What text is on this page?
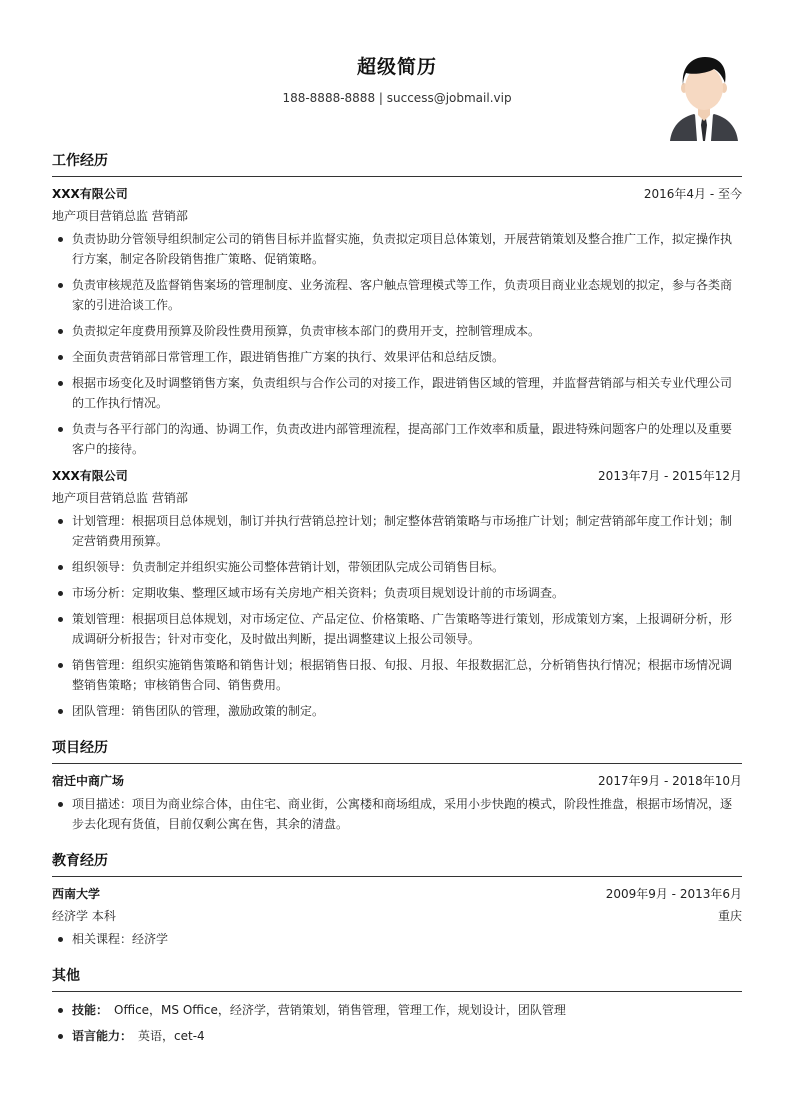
超级简历
188-8888-8888 | success@jobmail.vip
工作经历
XXX有限公司	2016年4月 - 至今
地产项目营销总监 营销部
负责协助分管领导组织制定公司的销售目标并监督实施，负责拟定项目总体策划，开展营销策划及整合推广工作，拟定操作执行方案，制定各阶段销售推广策略、促销策略。
负责审核规范及监督销售案场的管理制度、业务流程、客户触点管理模式等工作，负责项目商业业态规划的拟定，参与各类商家的引进洽谈工作。
负责拟定年度费用预算及阶段性费用预算，负责审核本部门的费用开支，控制管理成本。
全面负责营销部日常管理工作，跟进销售推广方案的执行、效果评估和总结反馈。
根据市场变化及时调整销售方案，负责组织与合作公司的对接工作，跟进销售区域的管理，并监督营销部与相关专业代理公司的工作执行情况。
负责与各平行部门的沟通、协调工作，负责改进内部管理流程，提高部门工作效率和质量，跟进特殊问题客户的处理以及重要客户的接待。
XXX有限公司	2013年7月 - 2015年12月
地产项目营销总监 营销部
计划管理：根据项目总体规划，制订并执行营销总控计划；制定整体营销策略与市场推广计划；制定营销部年度工作计划；制定营销费用预算。
组织领导：负责制定并组织实施公司整体营销计划，带领团队完成公司销售目标。
市场分析：定期收集、整理区域市场有关房地产相关资料；负责项目规划设计前的市场调查。
策划管理：根据项目总体规划，对市场定位、产品定位、价格策略、广告策略等进行策划，形成策划方案，上报调研分析，形成调研分析报告；针对市变化，及时做出判断，提出调整建议上报公司领导。
销售管理：组织实施销售策略和销售计划；根据销售日报、旬报、月报、年报数据汇总，分析销售执行情况；根据市场情况调整销售策略；审核销售合同、销售费用。
团队管理：销售团队的管理，激励政策的制定。
项目经历
宿迁中商广场	2017年9月 - 2018年10月
项目描述：项目为商业综合体，由住宅、商业街，公寓楼和商场组成，采用小步快跑的模式，阶段性推盘，根据市场情况，逐步去化现有货值，目前仅剩公寓在售，其余的清盘。
教育经历
西南大学	2009年9月 - 2013年6月
经济学 本科	重庆
相关课程：经济学
其他
技能： Office，MS Office，经济学，营销策划，销售管理，管理工作，规划设计，团队管理
语言能力： 英语，cet-4
